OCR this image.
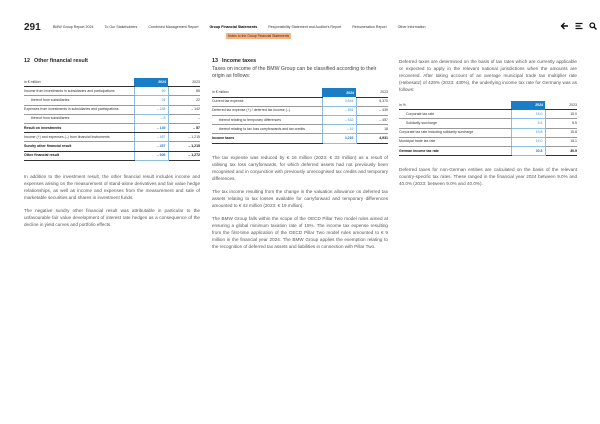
291	BMW Group Report 2024	To Our Stakeholders	Combined Management Report	Group Financial Statements	Responsibility Statement and Auditor's Report	Remuneration Report	Other Information
Notes to the Group Financial Statements
12 Other financial result
in € million	2024	2023
Income from investments in subsidiaries and participations	59	85
thereof from subsidiaries	24	22
Expenses from investments in subsidiaries and participations	– 248	– 142
thereof from subsidiaries	– 8	–
Result on investments	– 149	– 57
Income (+) and expenses (–) from financial instruments	– 457	– 1,215
Sundry other financial result	– 457	– 1,215
Other financial result	– 606	– 1,272

In addition to the investment result, the other financial result includes income and expenses arising on the measurement of stand-alone derivatives and fair value hedge relationships, as well as income and expenses from the measurement and sale of marketable securities and shares in investment funds.

The negative sundry other financial result was attributable in particular to the unfavourable fair value development of interest rate hedges as a consequence of the decline in yield curves and portfolio effects.

13 Income taxes
Taxes on income of the BMW Group can be classified according to their origin as follows:
in € million	2024	2023
Current tax expense	3,844	5,370
Deferred tax expense (+) / deferred tax income (–)	– 551	– 439
thereof relating to temporary differences	– 532	– 457
thereof relating to tax loss carryforwards and tax credits	– 19	18
Income taxes	3,293	4,931

The tax expense was reduced by € 16 million (2023: € 33 million) as a result of utilising tax loss carryforwards, for which deferred assets had not previously been recognised and in conjunction with previously unrecognised tax credits and temporary differences.

The tax income resulting from the change in the valuation allowance on deferred tax assets relating to tax losses available for carryforward and temporary differences amounted to € 42 million (2023: € 19 million).

The BMW Group falls within the scope of the OECD Pillar Two model rules aimed at ensuring a global minimum taxation rate of 15%. The income tax expense resulting from the first-time application of the OECD Pillar Two model rules amounted to € 9 million in the financial year 2024. The BMW Group applies the exemption relating to the recognition of deferred tax assets and liabilities in connection with Pillar Two.

Deferred taxes are determined on the basis of tax rates which are currently applicable or expected to apply in the relevant national jurisdictions when the amounts are recovered. After taking account of an average municipal trade tax multiplier rate (Hebesatz) of 429% (2023: 430%), the underlying income tax rate for Germany was as follows:

in %	2024	2023
Corporate tax rate	15.0	15.0
Solidarity surcharge	5.5	5.5
Corporate tax rate including solidarity surcharge	15.8	15.8
Municipal trade tax rate	15.0	15.1
German income tax rate	30.8	30.9

Deferred taxes for non-German entities are calculated on the basis of the relevant country-specific tax rates. These ranged in the financial year 2024 between 9.0% and 40.0% (2023: between 9.0% and 40.0%).
